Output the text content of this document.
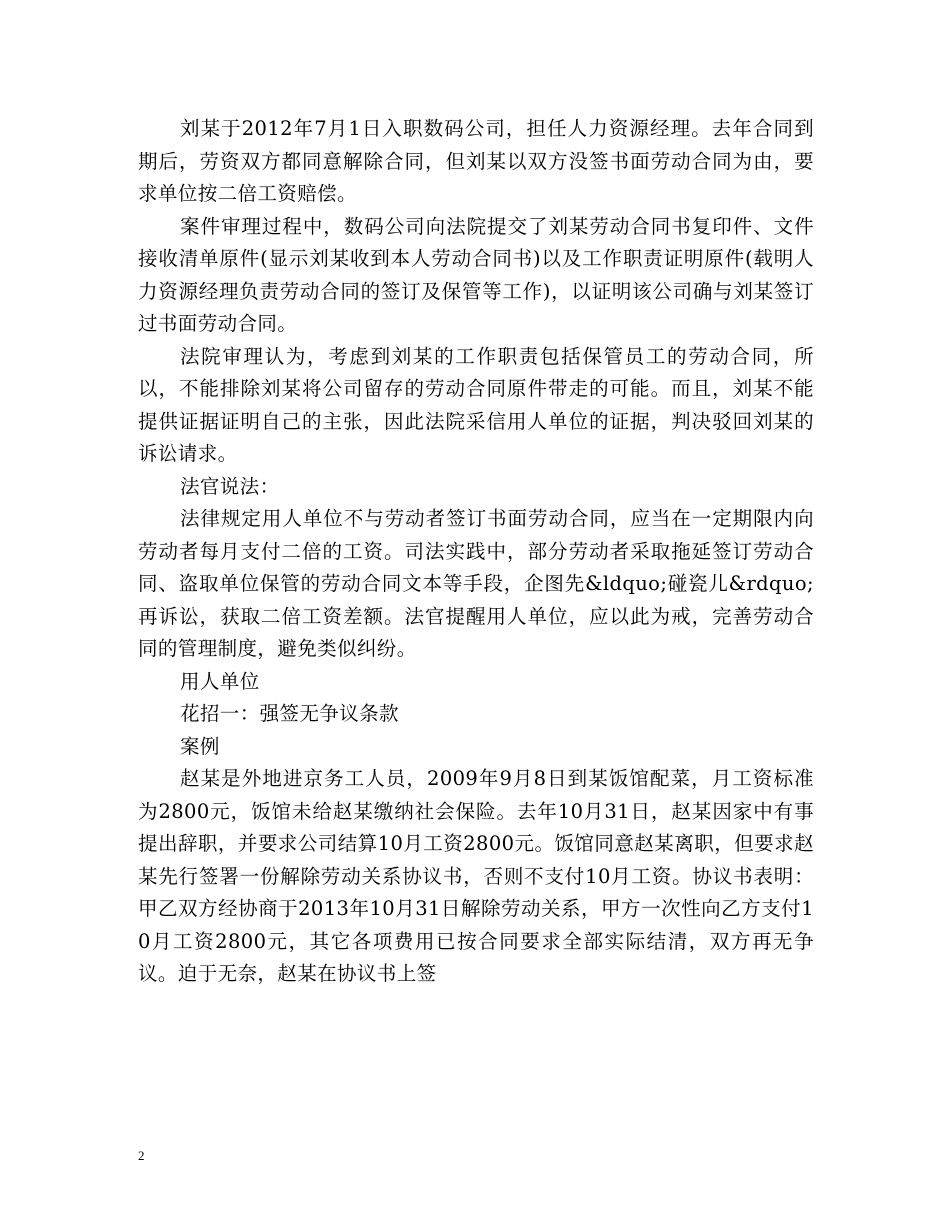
刘某于2012年7月1日入职数码公司，担任人力资源经理。去年合同到期后，劳资双方都同意解除合同，但刘某以双方没签书面劳动合同为由，要求单位按二倍工资赔偿。

案件审理过程中，数码公司向法院提交了刘某劳动合同书复印件、文件接收清单原件(显示刘某收到本人劳动合同书)以及工作职责证明原件(载明人力资源经理负责劳动合同的签订及保管等工作)，以证明该公司确与刘某签订过书面劳动合同。

法院审理认为，考虑到刘某的工作职责包括保管员工的劳动合同，所以，不能排除刘某将公司留存的劳动合同原件带走的可能。而且，刘某不能提供证据证明自己的主张，因此法院采信用人单位的证据，判决驳回刘某的诉讼请求。

法官说法：

法律规定用人单位不与劳动者签订书面劳动合同，应当在一定期限内向劳动者每月支付二倍的工资。司法实践中，部分劳动者采取拖延签订劳动合同、盗取单位保管的劳动合同文本等手段，企图先&ldquo;碰瓷儿&rdquo;再诉讼，获取二倍工资差额。法官提醒用人单位，应以此为戒，完善劳动合同的管理制度，避免类似纠纷。

用人单位

花招一：强签无争议条款

案例

赵某是外地进京务工人员，2009年9月8日到某饭馆配菜，月工资标准为2800元，饭馆未给赵某缴纳社会保险。去年10月31日，赵某因家中有事提出辞职，并要求公司结算10月工资2800元。饭馆同意赵某离职，但要求赵某先行签署一份解除劳动关系协议书，否则不支付10月工资。协议书表明：甲乙双方经协商于2013年10月31日解除劳动关系，甲方一次性向乙方支付10月工资2800元，其它各项费用已按合同要求全部实际结清，双方再无争议。迫于无奈，赵某在协议书上签

2
